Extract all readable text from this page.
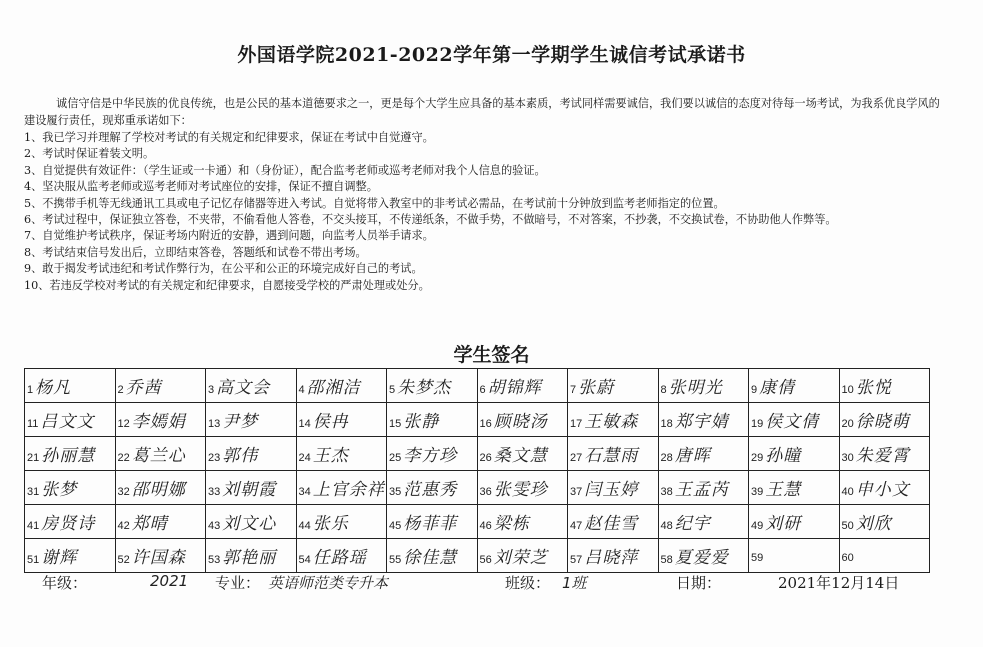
外国语学院2021-2022学年第一学期学生诚信考试承诺书
诚信守信是中华民族的优良传统，也是公民的基本道德要求之一，更是每个大学生应具备的基本素质，考试同样需要诚信，我们要以诚信的态度对待每一场考试，为我系优良学风的建设履行责任，现郑重承诺如下：
1、我已学习并理解了学校对考试的有关规定和纪律要求，保证在考试中自觉遵守。
2、考试时保证着装文明。
3、自觉提供有效证件：（学生证或一卡通）和（身份证），配合监考老师或巡考老师对我个人信息的验证。
4、坚决服从监考老师或巡考老师对考试座位的安排，保证不擅自调整。
5、不携带手机等无线通讯工具或电子记忆存储器等进入考试。自觉将带入教室中的非考试必需品，在考试前十分钟放到监考老师指定的位置。
6、考试过程中，保证独立答卷，不夹带，不偷看他人答卷，不交头接耳，不传递纸条，不做手势，不做暗号，不对答案，不抄袭，不交换试卷，不协助他人作弊等。
7、自觉维护考试秩序，保证考场内附近的安静，遇到问题，向监考人员举手请求。
8、考试结束信号发出后，立即结束答卷，答题纸和试卷不带出考场。
9、敢于揭发考试违纪和考试作弊行为，在公平和公正的环境完成好自己的考试。
10、若违反学校对考试的有关规定和纪律要求，自愿接受学校的严肃处理或处分。
学生签名
1 杨凡	2 乔茜	3 高文会	4 邵湘洁	5 朱梦杰	6 胡锦辉	7 张蔚	8 张明光	9 康倩	10 张悦
11 吕文文	12 李嫣娟	13 尹梦	14 侯冉	15 张静	16 顾晓汤	17 王敏森	18 郑宇婧	19 侯文倩	20 徐晓萌
21 孙丽慧	22 葛兰心	23 郭伟	24 王杰	25 李方珍	26 桑文慧	27 石慧雨	28 唐晖	29 孙瞳	30 朱爱霄
31 张梦	32 邵明娜	33 刘朝霞	34 上官余祥	35 范惠秀	36 张雯珍	37 闫玉婷	38 王孟芮	39 王慧	40 申小文
41 房贤诗	42 郑晴	43 刘文心	44 张乐	45 杨菲菲	46 梁栋	47 赵佳雪	48 纪宇	49 刘研	50 刘欣
51 谢辉	52 许国森	53 郭艳丽	54 任路瑶	55 徐佳慧	56 刘荣芝	57 吕晓萍	58 夏爱爱	59	60
年级：	2021 专业： 英语师范类专升本	班级： 1班	日期：	2021年12月14日
